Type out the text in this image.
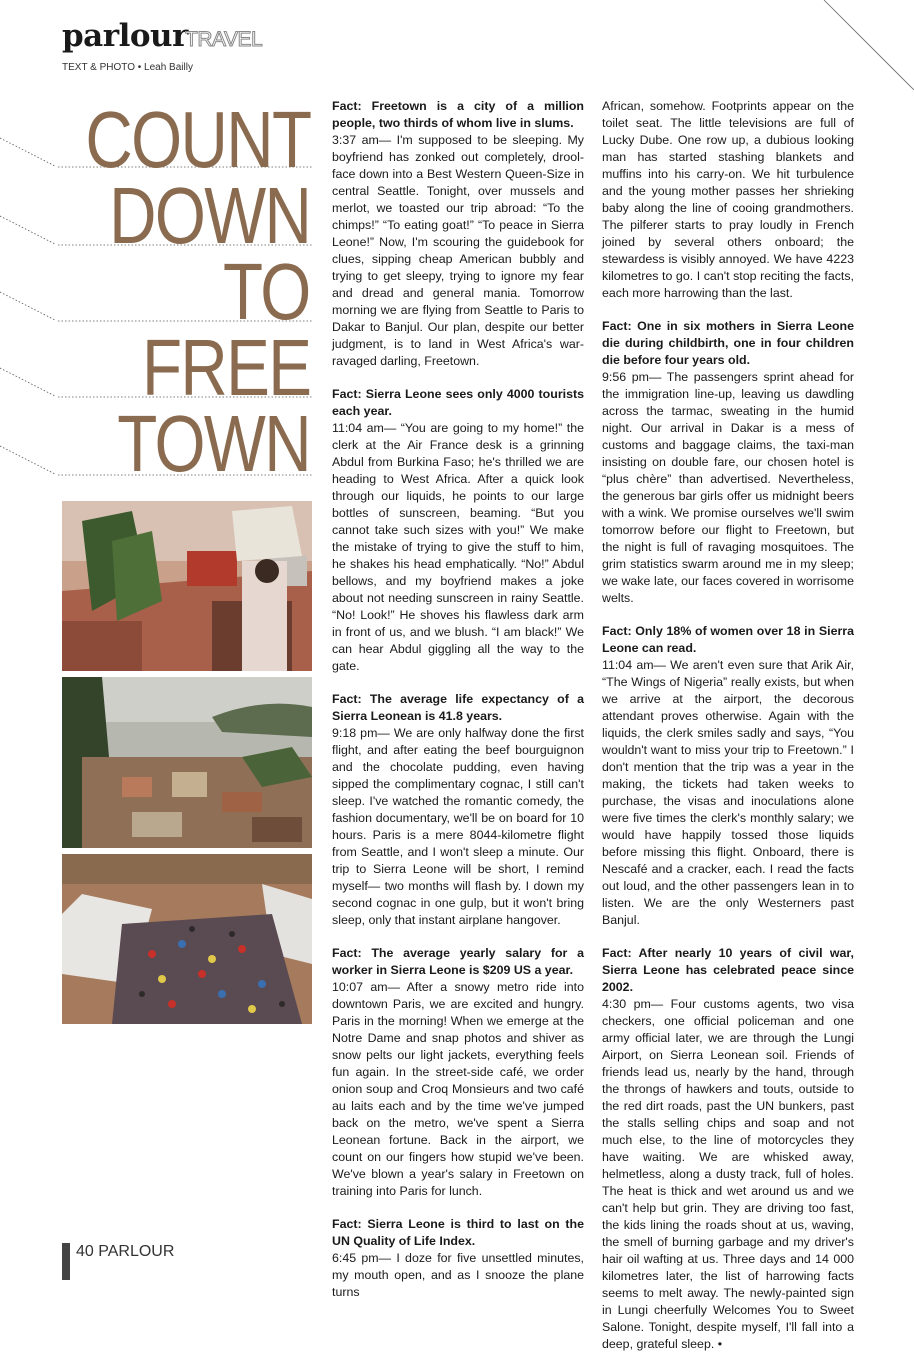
parlour
TRAVEL
TEXT & PHOTO • Leah Bailly
COUNT
DOWN
TO
FREE
TOWN

Fact: Freetown is a city of a million people, two thirds of whom live in slums.
3:37 am— I'm supposed to be sleeping. My boyfriend has zonked out completely, drool-face down into a Best Western Queen-Size in central Seattle. Tonight, over mussels and merlot, we toasted our trip abroad: “To the chimps!” “To eating goat!” “To peace in Sierra Leone!” Now, I'm scouring the guidebook for clues, sipping cheap American bubbly and trying to get sleepy, trying to ignore my fear and dread and general mania. Tomorrow morning we are flying from Seattle to Paris to Dakar to Banjul. Our plan, despite our better judgment, is to land in West Africa's war-ravaged darling, Freetown.

Fact: Sierra Leone sees only 4000 tourists each year.
11:04 am— “You are going to my home!” the clerk at the Air France desk is a grinning Abdul from Burkina Faso; he's thrilled we are heading to West Africa. After a quick look through our liquids, he points to our large bottles of sunscreen, beaming. “But you cannot take such sizes with you!” We make the mistake of trying to give the stuff to him, he shakes his head emphatically. “No!” Abdul bellows, and my boyfriend makes a joke about not needing sunscreen in rainy Seattle. “No! Look!” He shoves his flawless dark arm in front of us, and we blush. “I am black!” We can hear Abdul giggling all the way to the gate.

Fact: The average life expectancy of a Sierra Leonean is 41.8 years.
9:18 pm— We are only halfway done the first flight, and after eating the beef bourguignon and the chocolate pudding, even having sipped the complimentary cognac, I still can't sleep. I've watched the romantic comedy, the fashion documentary, we'll be on board for 10 hours. Paris is a mere 8044-kilometre flight from Seattle, and I won't sleep a minute. Our trip to Sierra Leone will be short, I remind myself— two months will flash by. I down my second cognac in one gulp, but it won't bring sleep, only that instant airplane hangover.

Fact: The average yearly salary for a worker in Sierra Leone is $209 US a year.
10:07 am— After a snowy metro ride into downtown Paris, we are excited and hungry. Paris in the morning! When we emerge at the Notre Dame and snap photos and shiver as snow pelts our light jackets, everything feels fun again. In the street-side café, we order onion soup and Croq Monsieurs and two café au laits each and by the time we've jumped back on the metro, we've spent a Sierra Leonean fortune. Back in the airport, we count on our fingers how stupid we've been. We've blown a year's salary in Freetown on training into Paris for lunch.

Fact: Sierra Leone is third to last on the UN Quality of Life Index.
6:45 pm— I doze for five unsettled minutes, my mouth open, and as I snooze the plane turns

African, somehow. Footprints appear on the toilet seat. The little televisions are full of Lucky Dube. One row up, a dubious looking man has started stashing blankets and muffins into his carry-on. We hit turbulence and the young mother passes her shrieking baby along the line of cooing grandmothers. The pilferer starts to pray loudly in French joined by several others onboard; the stewardess is visibly annoyed. We have 4223 kilometres to go. I can't stop reciting the facts, each more harrowing than the last.

Fact: One in six mothers in Sierra Leone die during childbirth, one in four children die before four years old.
9:56 pm— The passengers sprint ahead for the immigration line-up, leaving us dawdling across the tarmac, sweating in the humid night. Our arrival in Dakar is a mess of customs and baggage claims, the taxi-man insisting on double fare, our chosen hotel is “plus chère” than advertised. Nevertheless, the generous bar girls offer us midnight beers with a wink. We promise ourselves we'll swim tomorrow before our flight to Freetown, but the night is full of ravaging mosquitoes. The grim statistics swarm around me in my sleep; we wake late, our faces covered in worrisome welts.

Fact: Only 18% of women over 18 in Sierra Leone can read.
11:04 am— We aren't even sure that Arik Air, “The Wings of Nigeria” really exists, but when we arrive at the airport, the decorous attendant proves otherwise. Again with the liquids, the clerk smiles sadly and says, “You wouldn't want to miss your trip to Freetown.” I don't mention that the trip was a year in the making, the tickets had taken weeks to purchase, the visas and inoculations alone were five times the clerk's monthly salary; we would have happily tossed those liquids before missing this flight. Onboard, there is Nescafé and a cracker, each. I read the facts out loud, and the other passengers lean in to listen. We are the only Westerners past Banjul.

Fact: After nearly 10 years of civil war, Sierra Leone has celebrated peace since 2002.
4:30 pm— Four customs agents, two visa checkers, one official policeman and one army official later, we are through the Lungi Airport, on Sierra Leonean soil. Friends of friends lead us, nearly by the hand, through the throngs of hawkers and touts, outside to the red dirt roads, past the UN bunkers, past the stalls selling chips and soap and not much else, to the line of motorcycles they have waiting. We are whisked away, helmetless, along a dusty track, full of holes. The heat is thick and wet around us and we can't help but grin. They are driving too fast, the kids lining the roads shout at us, waving, the smell of burning garbage and my driver's hair oil wafting at us. Three days and 14 000 kilometres later, the list of harrowing facts seems to melt away. The newly-painted sign in Lungi cheerfully Welcomes You to Sweet Salone. Tonight, despite myself, I'll fall into a deep, grateful sleep. •

40 PARLOUR
